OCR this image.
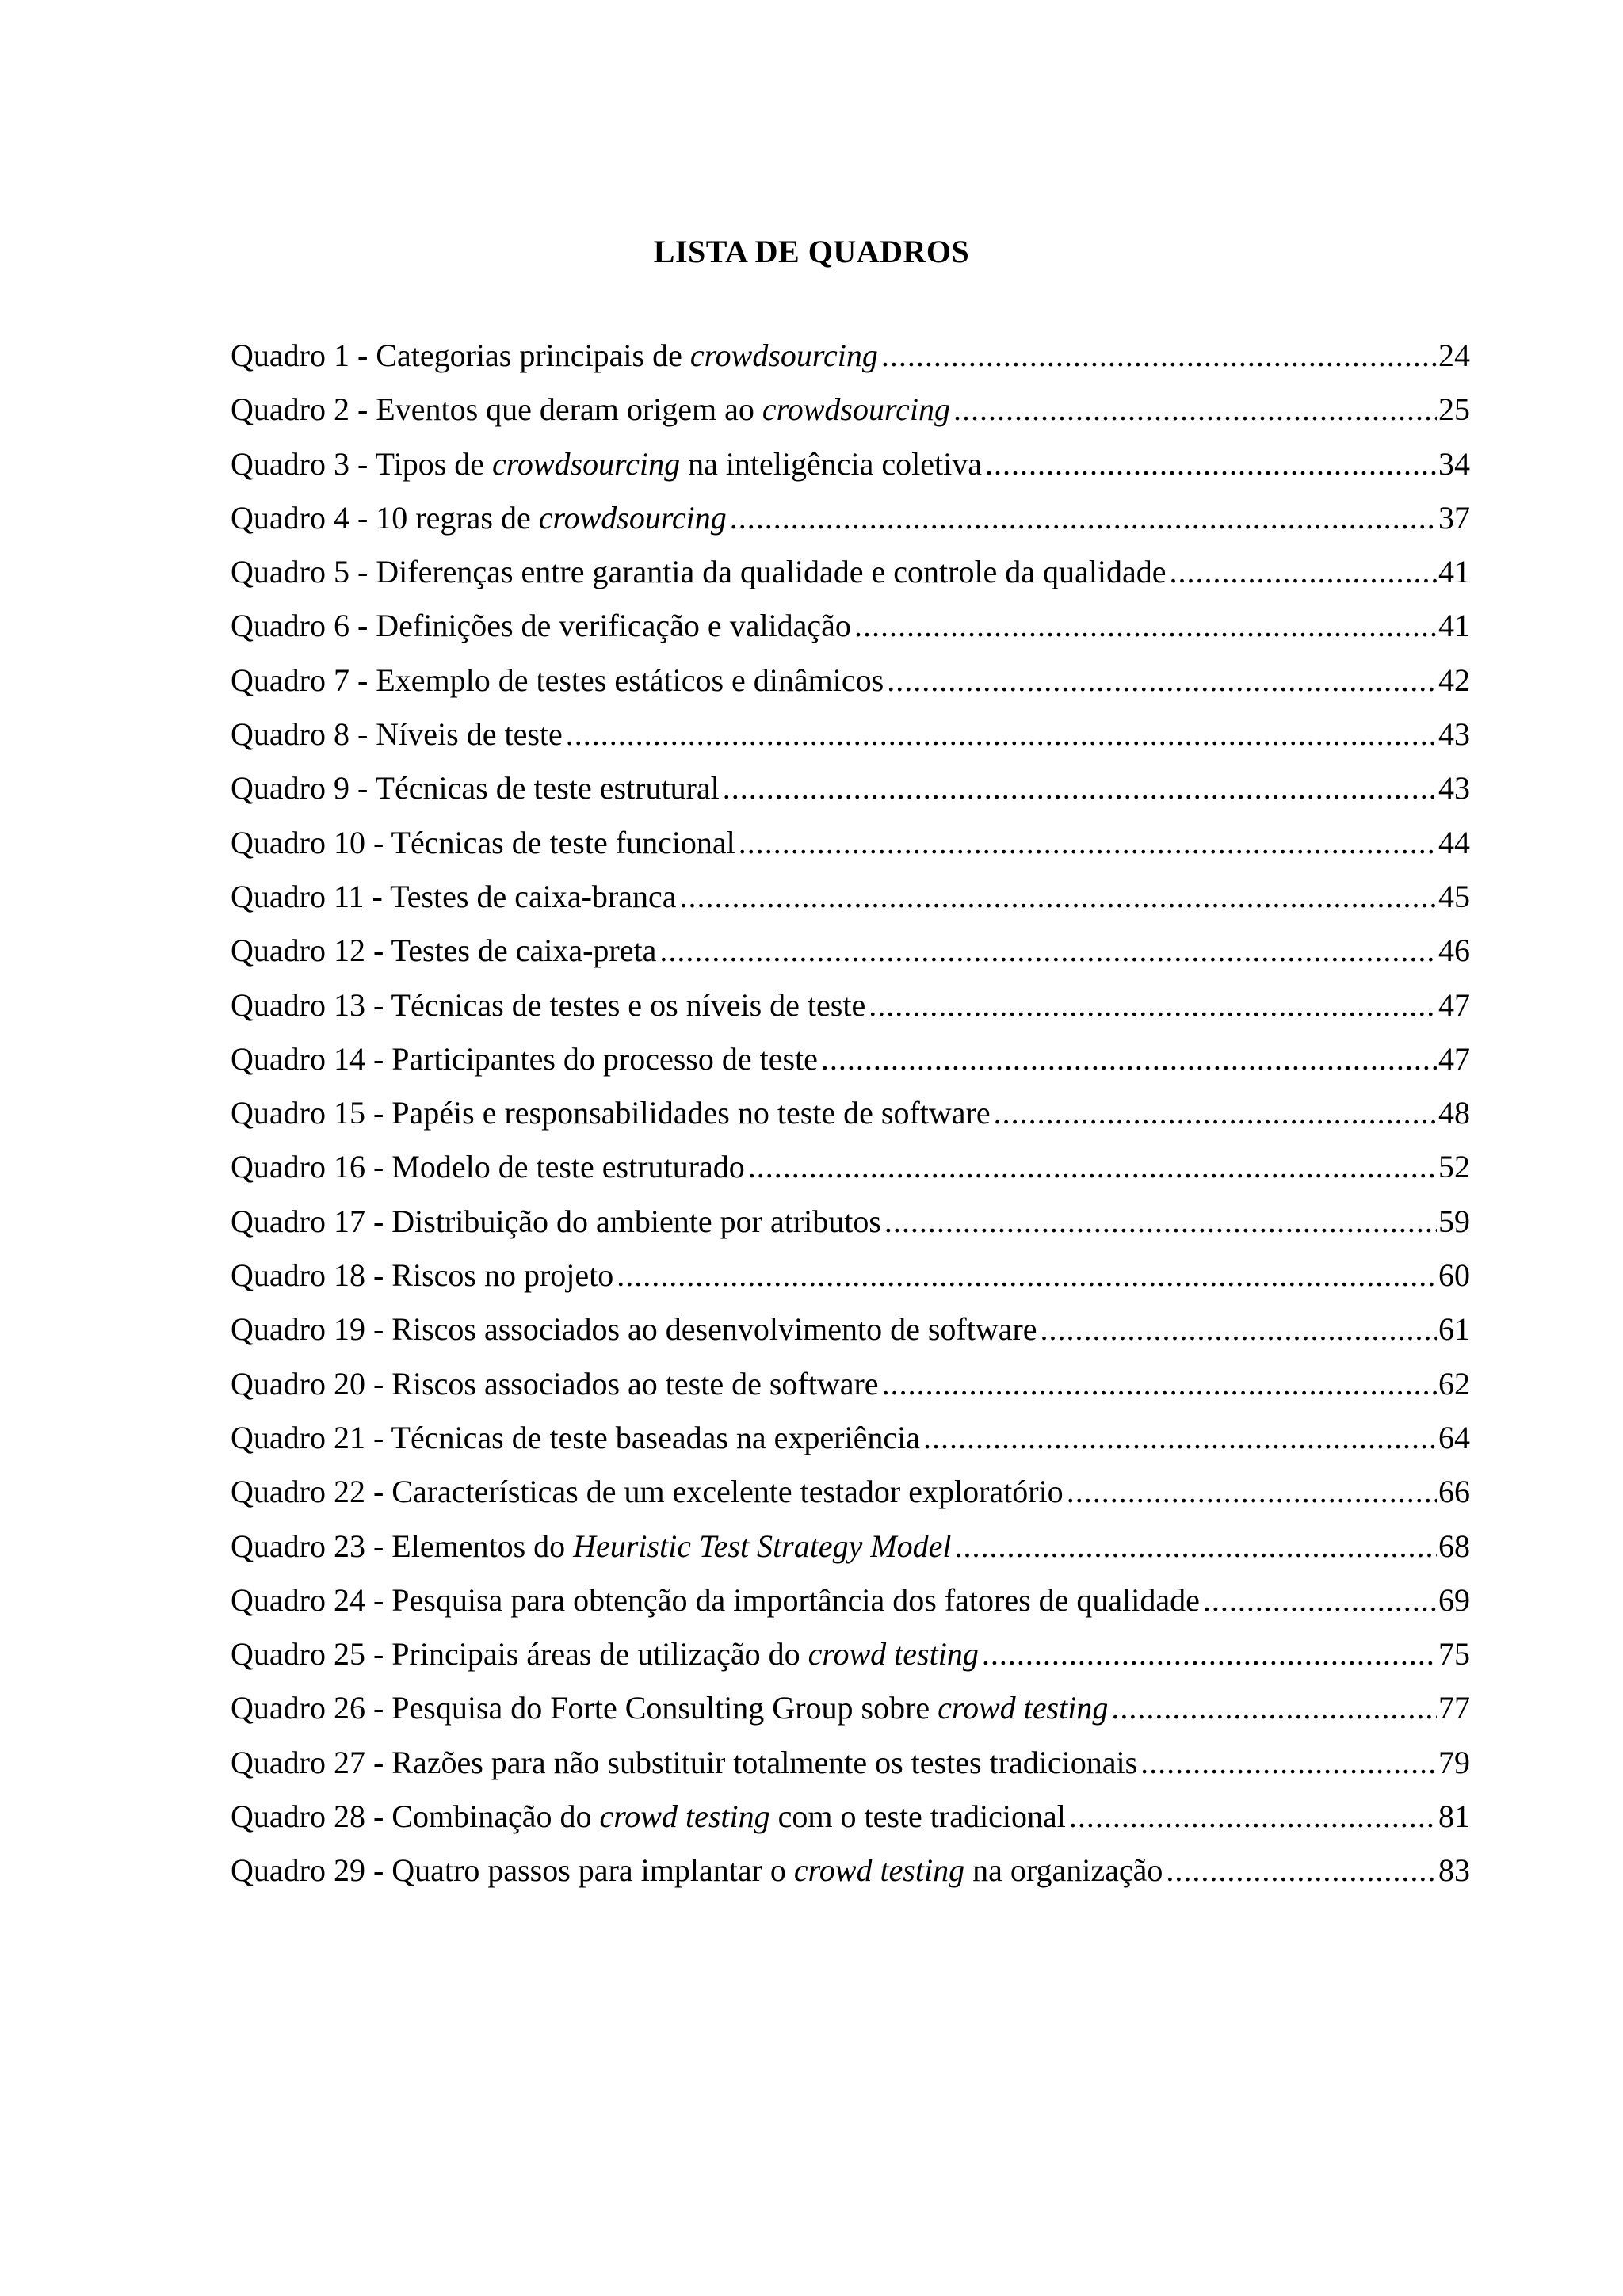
LISTA DE QUADROS
Quadro 1 - Categorias principais de crowdsourcing .....	24
Quadro 2 - Eventos que deram origem ao crowdsourcing .....	25
Quadro 3 - Tipos de crowdsourcing na inteligência coletiva .....	34
Quadro 4 - 10 regras de crowdsourcing .....	37
Quadro 5 - Diferenças entre garantia da qualidade e controle da qualidade .....	41
Quadro 6 - Definições de verificação e validação .....	41
Quadro 7 - Exemplo de testes estáticos e dinâmicos .....	42
Quadro 8 - Níveis de teste .....	43
Quadro 9 - Técnicas de teste estrutural .....	43
Quadro 10 - Técnicas de teste funcional .....	44
Quadro 11 - Testes de caixa-branca .....	45
Quadro 12 - Testes de caixa-preta .....	46
Quadro 13 - Técnicas de testes e os níveis de teste .....	47
Quadro 14 - Participantes do processo de teste .....	47
Quadro 15 - Papéis e responsabilidades no teste de software .....	48
Quadro 16 - Modelo de teste estruturado .....	52
Quadro 17 - Distribuição do ambiente por atributos .....	59
Quadro 18 - Riscos no projeto .....	60
Quadro 19 - Riscos associados ao desenvolvimento de software .....	61
Quadro 20 - Riscos associados ao teste de software .....	62
Quadro 21 - Técnicas de teste baseadas na experiência .....	64
Quadro 22 - Características de um excelente testador exploratório .....	66
Quadro 23 - Elementos do Heuristic Test Strategy Model .....	68
Quadro 24 - Pesquisa para obtenção da importância dos fatores de qualidade .....	69
Quadro 25 - Principais áreas de utilização do crowd testing .....	75
Quadro 26 - Pesquisa do Forte Consulting Group sobre crowd testing .....	77
Quadro 27 - Razões para não substituir totalmente os testes tradicionais .....	79
Quadro 28 - Combinação do crowd testing com o teste tradicional .....	81
Quadro 29 - Quatro passos para implantar o crowd testing na organização .....	83
